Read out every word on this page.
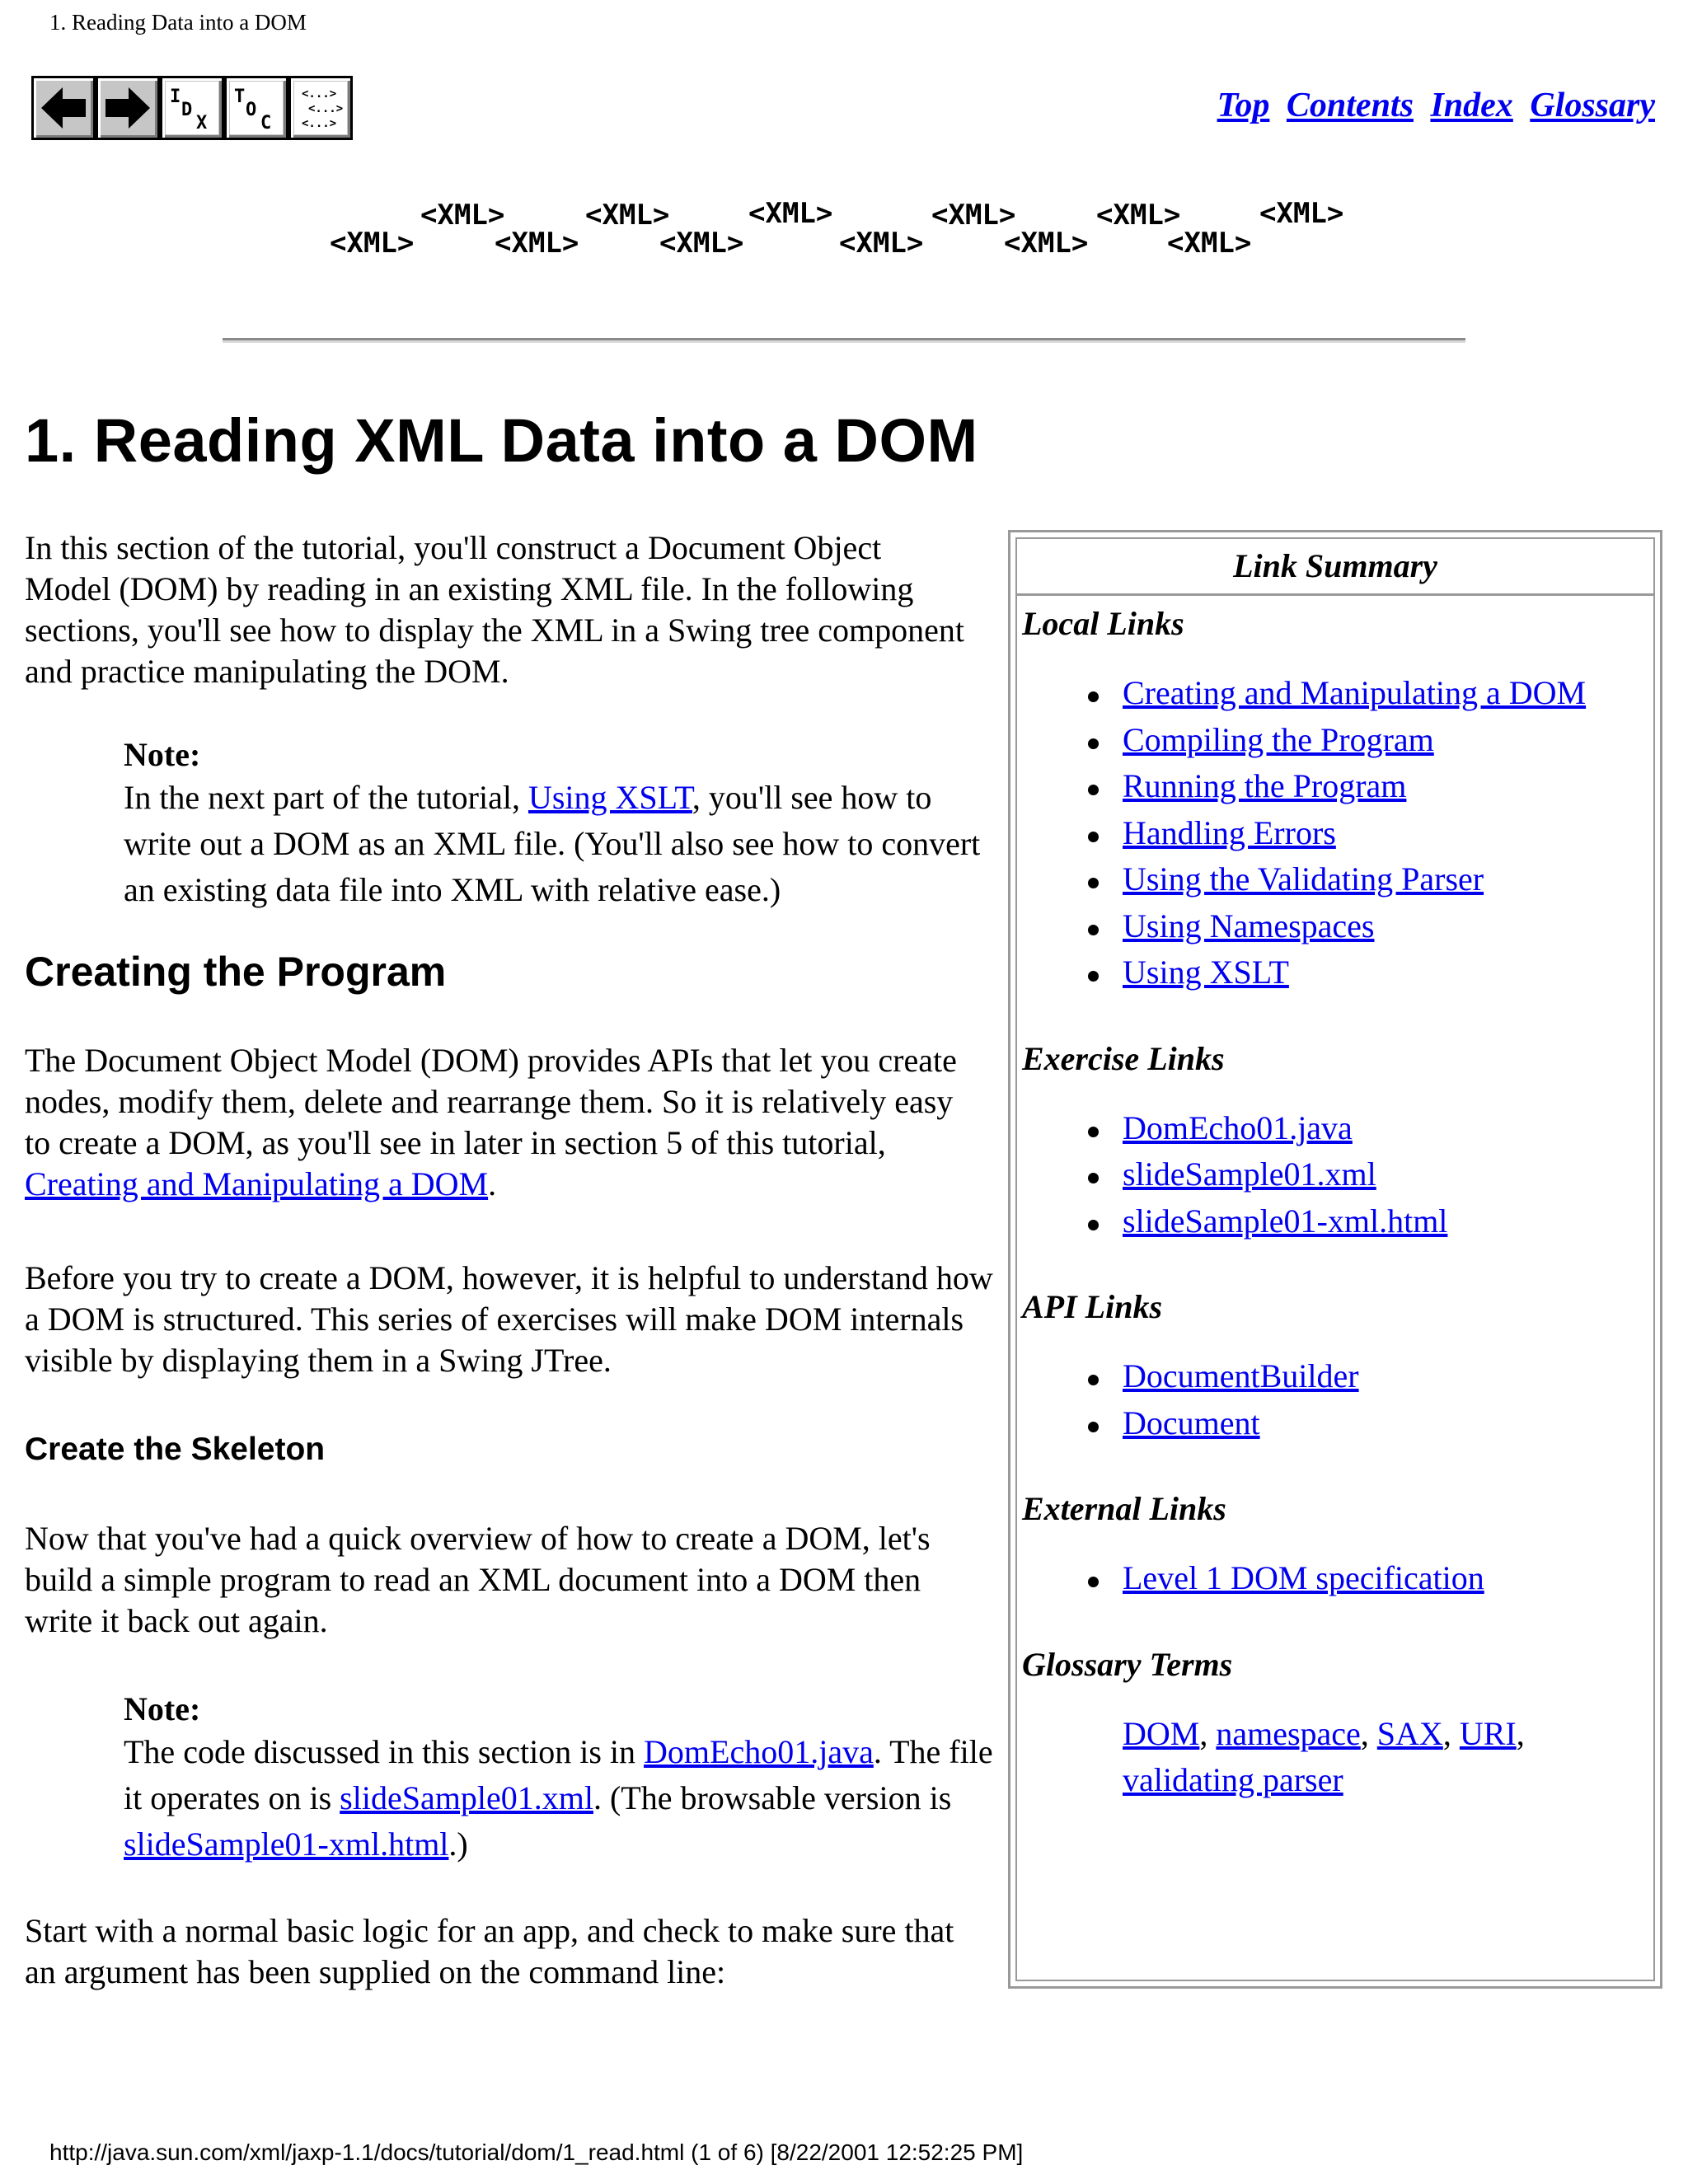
1. Reading Data into a DOM
I
D
X
T
O
C
<...>
<...>
<...>	Top Contents Index Glossary
<XML>
<XML>
<XML>
<XML>
<XML>
<XML>
<XML>
<XML>
<XML>
<XML>
<XML>
<XML>
1. Reading XML Data into a DOM

In this section of the tutorial, you'll construct a Document Object Model (DOM) by reading in an existing XML file. In the following sections, you'll see how to display the XML in a Swing tree component and practice manipulating the DOM.

Note:
In the next part of the tutorial, Using XSLT, you'll see how to write out a DOM as an XML file. (You'll also see how to convert an existing data file into XML with relative ease.)
Creating the Program

The Document Object Model (DOM) provides APIs that let you create nodes, modify them, delete and rearrange them. So it is relatively easy to create a DOM, as you'll see in later in section 5 of this tutorial, Creating and Manipulating a DOM.

Before you try to create a DOM, however, it is helpful to understand how a DOM is structured. This series of exercises will make DOM internals visible by displaying them in a Swing JTree.

Create the Skeleton

Now that you've had a quick overview of how to create a DOM, let's build a simple program to read an XML document into a DOM then write it back out again.

Note:
The code discussed in this section is in DomEcho01.java. The file it operates on is slideSample01.xml. (The browsable version is slideSample01-xml.html.)

Start with a normal basic logic for an app, and check to make sure that an argument has been supplied on the command line:

Link Summary
Local Links
Creating and Manipulating a DOM
Compiling the Program
Running the Program
Handling Errors
Using the Validating Parser
Using Namespaces
Using XSLT
Exercise Links
DomEcho01.java
slideSample01.xml
slideSample01-xml.html
API Links
DocumentBuilder
Document
External Links
Level 1 DOM specification
Glossary Terms
DOM, namespace, SAX, URI,
validating parser
http://java.sun.com/xml/jaxp-1.1/docs/tutorial/dom/1_read.html (1 of 6) [8/22/2001 12:52:25 PM]
